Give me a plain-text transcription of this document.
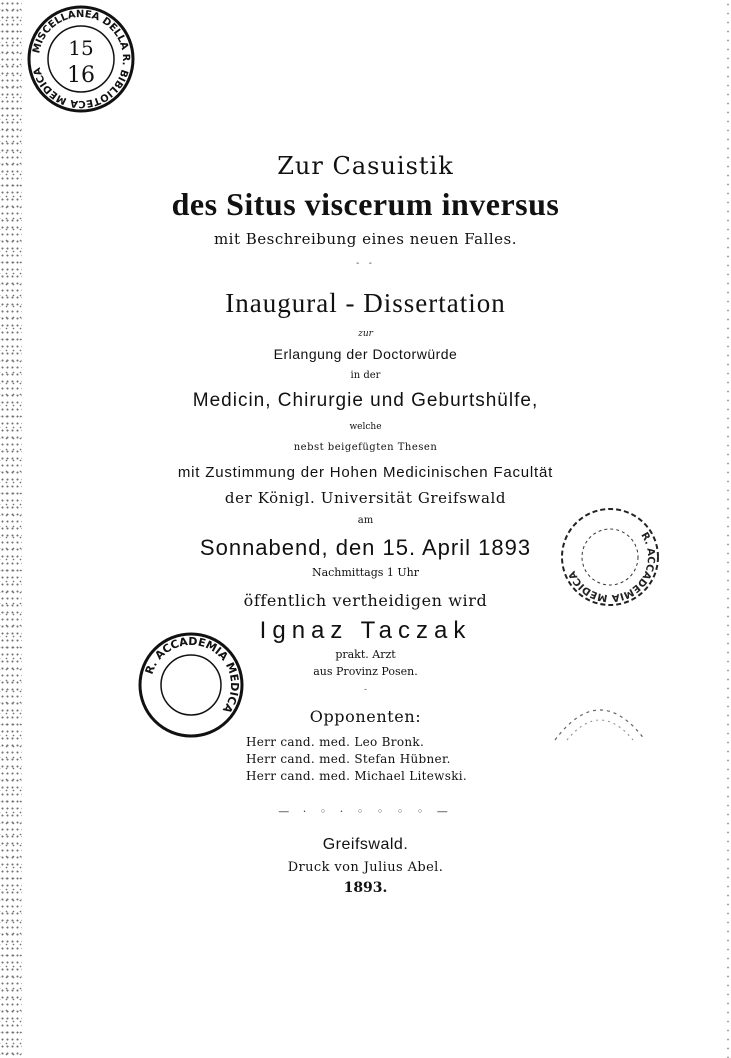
MISCELLANEA DELLA R. BIBLIOTECA MEDICA
15
16
Zur Casuistik
des Situs viscerum inversus
mit Beschreibung eines neuen Falles.
- -
Inaugural - Dissertation
zur
Erlangung der Doctorwürde
in der
Medicin, Chirurgie und Geburtshülfe,
welche
nebst beigefügten Thesen
mit Zustimmung der Hohen Medicinischen Facultät
der Königl. Universität Greifswald
am
Sonnabend, den 15. April 1893
Nachmittags 1 Uhr
öffentlich vertheidigen wird
Ignaz Taczak
prakt. Arzt
aus Provinz Posen.
-
Opponenten:
Herr cand. med. Leo Bronk.
Herr cand. med. Stefan Hübner.
Herr cand. med. Michael Litewski.
— · ◦ · ◦ ◦ ◦ ◦ —
Greifswald.
Druck von Julius Abel.
1893.
R. ACCADEMIA MEDICA
R. ACCADEMIA MEDICA
